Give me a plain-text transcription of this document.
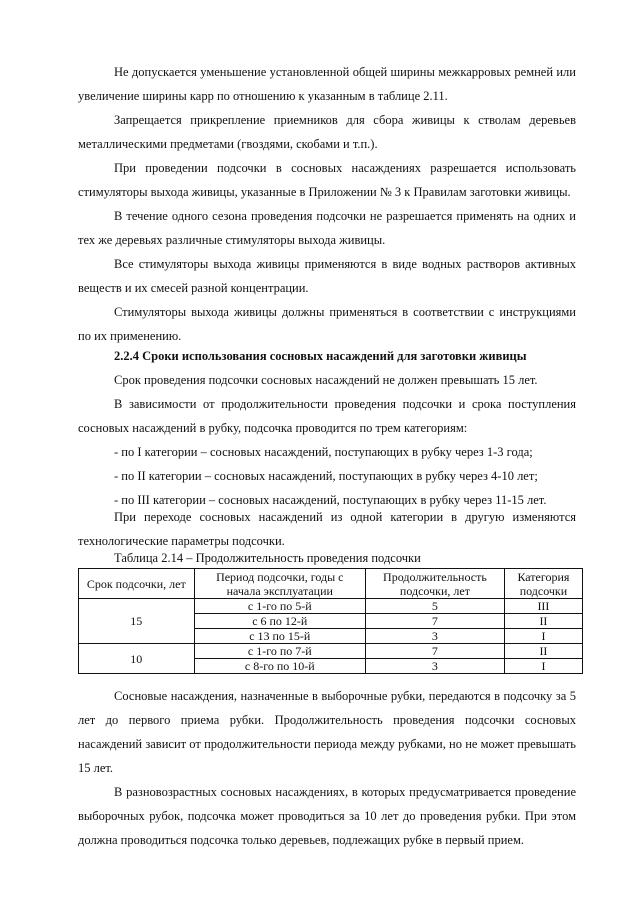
Не допускается уменьшение установленной общей ширины межкарровых ремней или увеличение ширины карр по отношению к указанным в таблице 2.11.

Запрещается прикрепление приемников для сбора живицы к стволам деревьев металлическими предметами (гвоздями, скобами и т.п.).

При проведении подсочки в сосновых насаждениях разрешается использовать стимуляторы выхода живицы, указанные в Приложении № 3 к Правилам заготовки живицы.

В течение одного сезона проведения подсочки не разрешается применять на одних и тех же деревьях различные стимуляторы выхода живицы.

Все стимуляторы выхода живицы применяются в виде водных растворов активных веществ и их смесей разной концентрации.

Стимуляторы выхода живицы должны применяться в соответствии с инструкциями по их применению.

2.2.4 Сроки использования сосновых насаждений для заготовки живицы

Срок проведения подсочки сосновых насаждений не должен превышать 15 лет.

В зависимости от продолжительности проведения подсочки и срока поступления сосновых насаждений в рубку, подсочка проводится по трем категориям:

- по I категории – сосновых насаждений, поступающих в рубку через 1-3 года;

- по II категории – сосновых насаждений, поступающих в рубку через 4-10 лет;

- по III категории – сосновых насаждений, поступающих в рубку через 11-15 лет.

При переходе сосновых насаждений из одной категории в другую изменяются технологические параметры подсочки.

Таблица 2.14 – Продолжительность проведения подсочки

Срок подсочки, лет	Период подсочки, годы с начала эксплуатации	Продолжительность подсочки, лет	Категория подсочки
15	с 1-го по 5-й	5	III
	с 6 по 12-й	7	II
	с 13 по 15-й	3	I
10	с 1-го по 7-й	7	II
	с 8-го по 10-й	3	I

Сосновые насаждения, назначенные в выборочные рубки, передаются в подсочку за 5 лет до первого приема рубки. Продолжительность проведения подсочки сосновых насаждений зависит от продолжительности периода между рубками, но не может превышать 15 лет.

В разновозрастных сосновых насаждениях, в которых предусматривается проведение выборочных рубок, подсочка может проводиться за 10 лет до проведения рубки. При этом должна проводиться подсочка только деревьев, подлежащих рубке в первый прием.
